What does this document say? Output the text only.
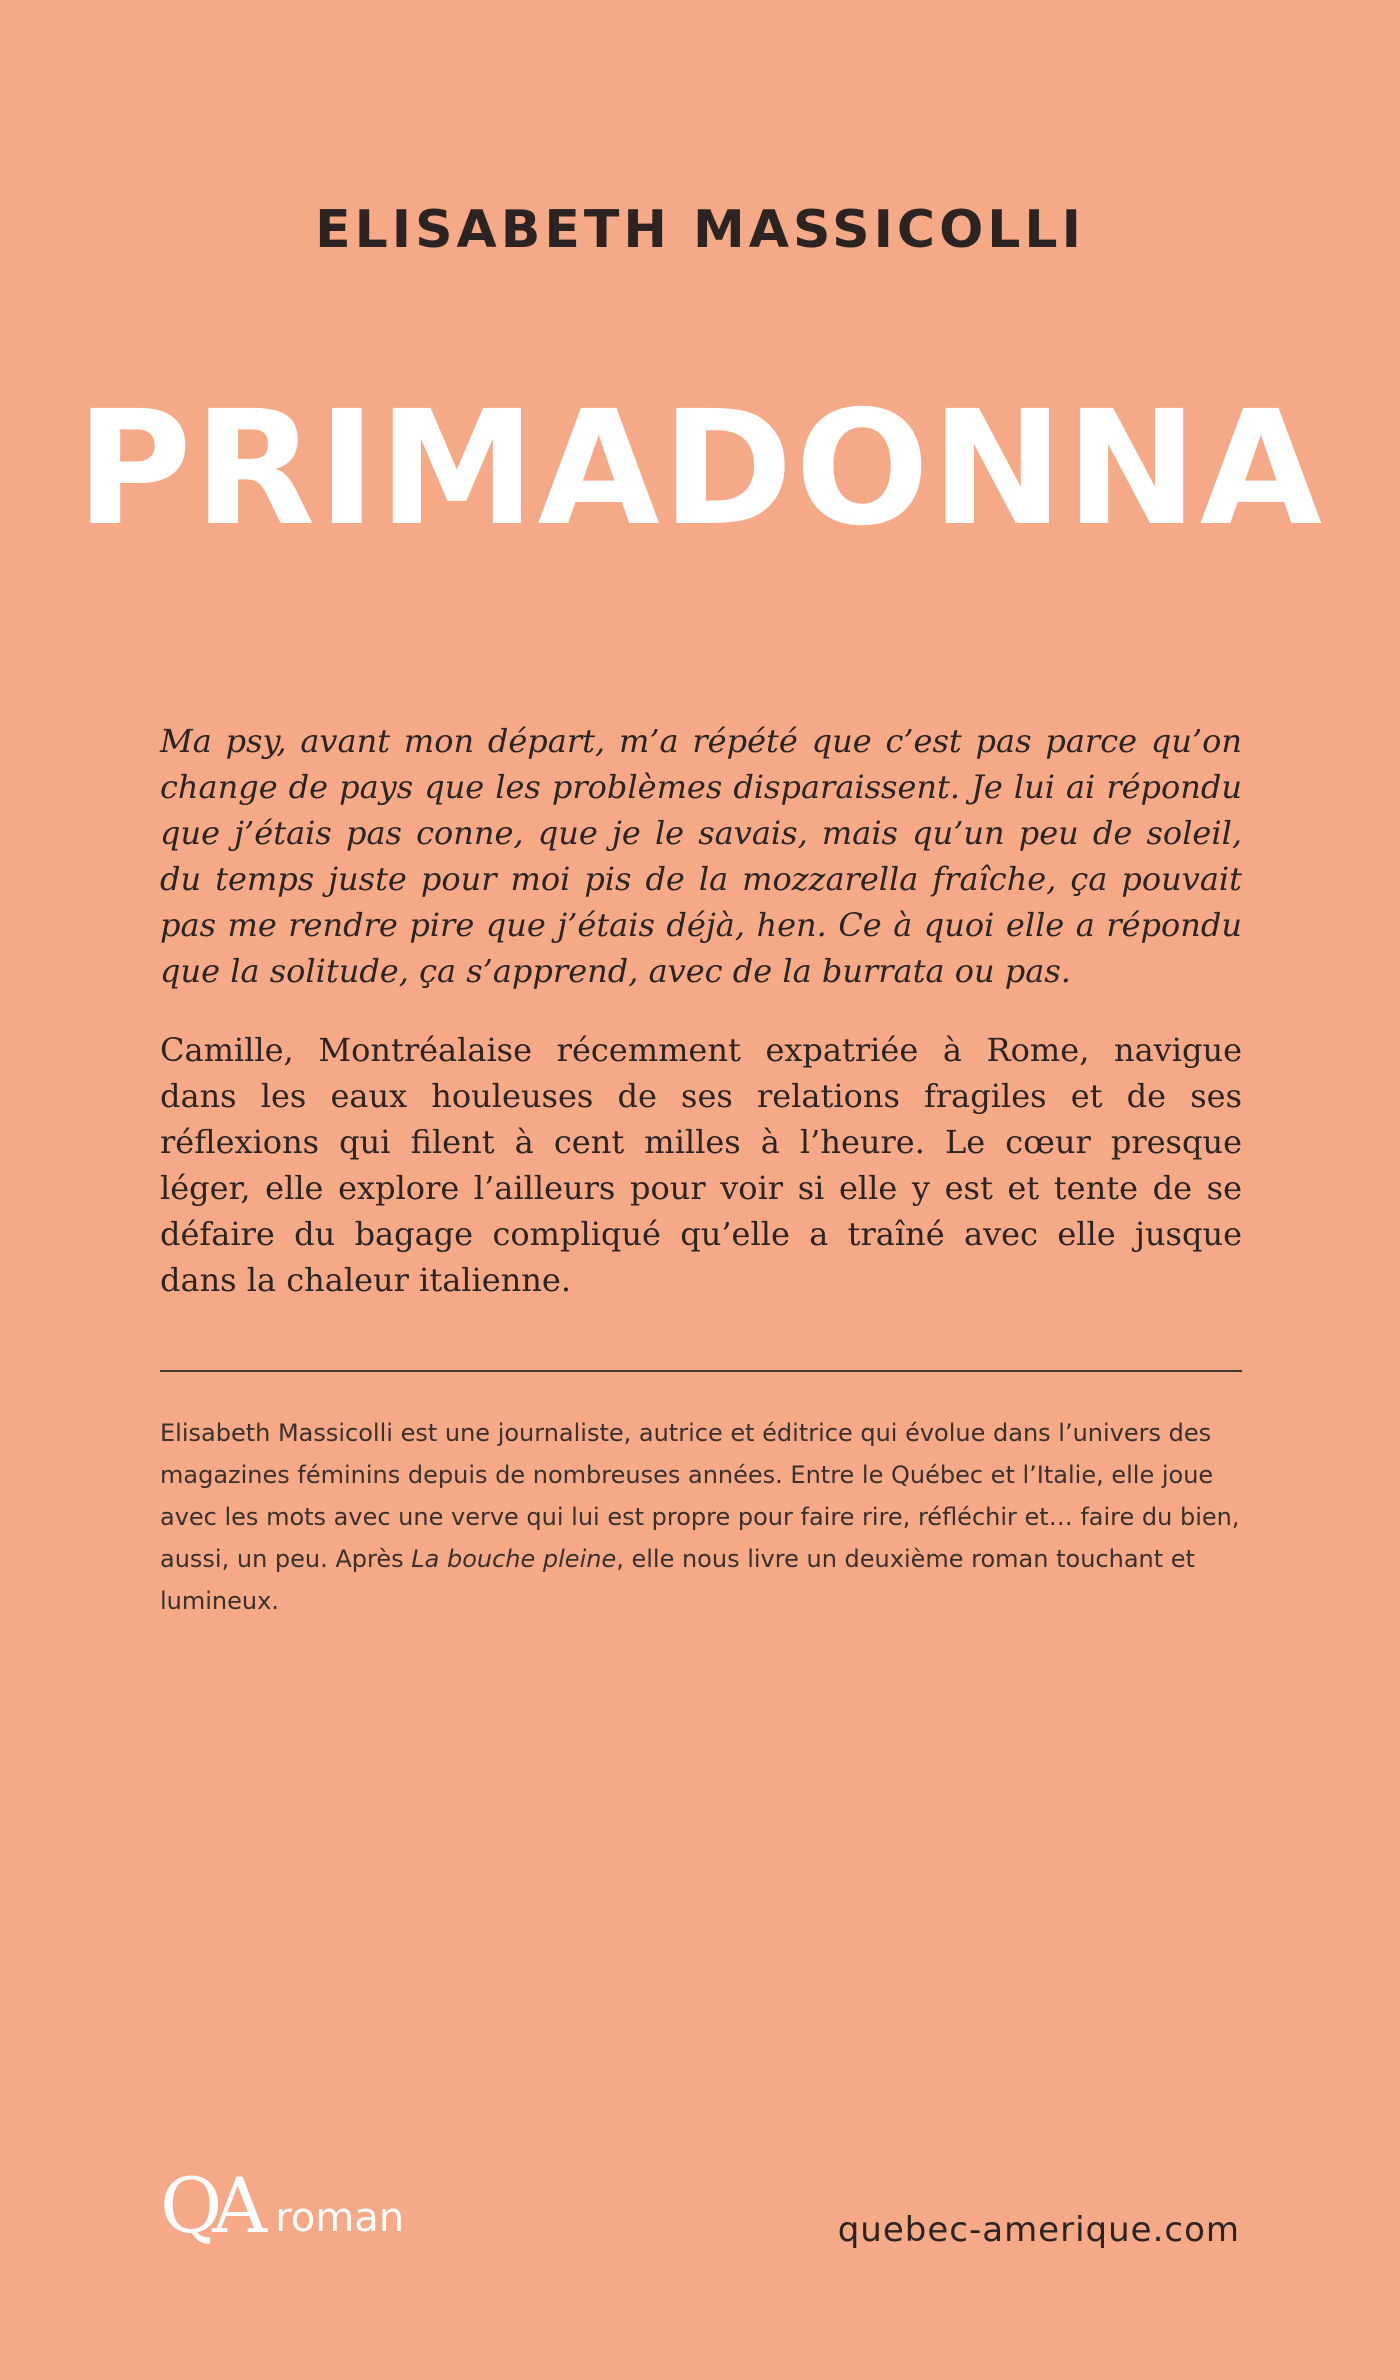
ELISABETH MASSICOLLI
PRIMADONNA

Ma psy, avant mon départ, m’a répété que c’est pas parce qu’on change de pays que les problèmes disparaissent. Je lui ai répondu que j’étais pas conne, que je le savais, mais qu’un peu de soleil, du temps juste pour moi pis de la mozzarella fraîche, ça pouvait pas me rendre pire que j’étais déjà, hen. Ce à quoi elle a répondu que la solitude, ça s’apprend, avec de la burrata ou pas.

Camille, Montréalaise récemment expatriée à Rome, navigue dans les eaux houleuses de ses relations fragiles et de ses réflexions qui filent à cent milles à l’heure. Le cœur presque léger, elle explore l’ailleurs pour voir si elle y est et tente de se défaire du bagage compliqué qu’elle a traîné avec elle jusque dans la chaleur italienne.

Elisabeth Massicolli est une journaliste, autrice et éditrice qui évolue dans l’univers des magazines féminins depuis de nombreuses années. Entre le Québec et l’Italie, elle joue avec les mots avec une verve qui lui est propre pour faire rire, réfléchir et… faire du bien, aussi, un peu. Après La bouche pleine, elle nous livre un deuxième roman touchant et lumineux.

QA roman	quebec-amerique.com
